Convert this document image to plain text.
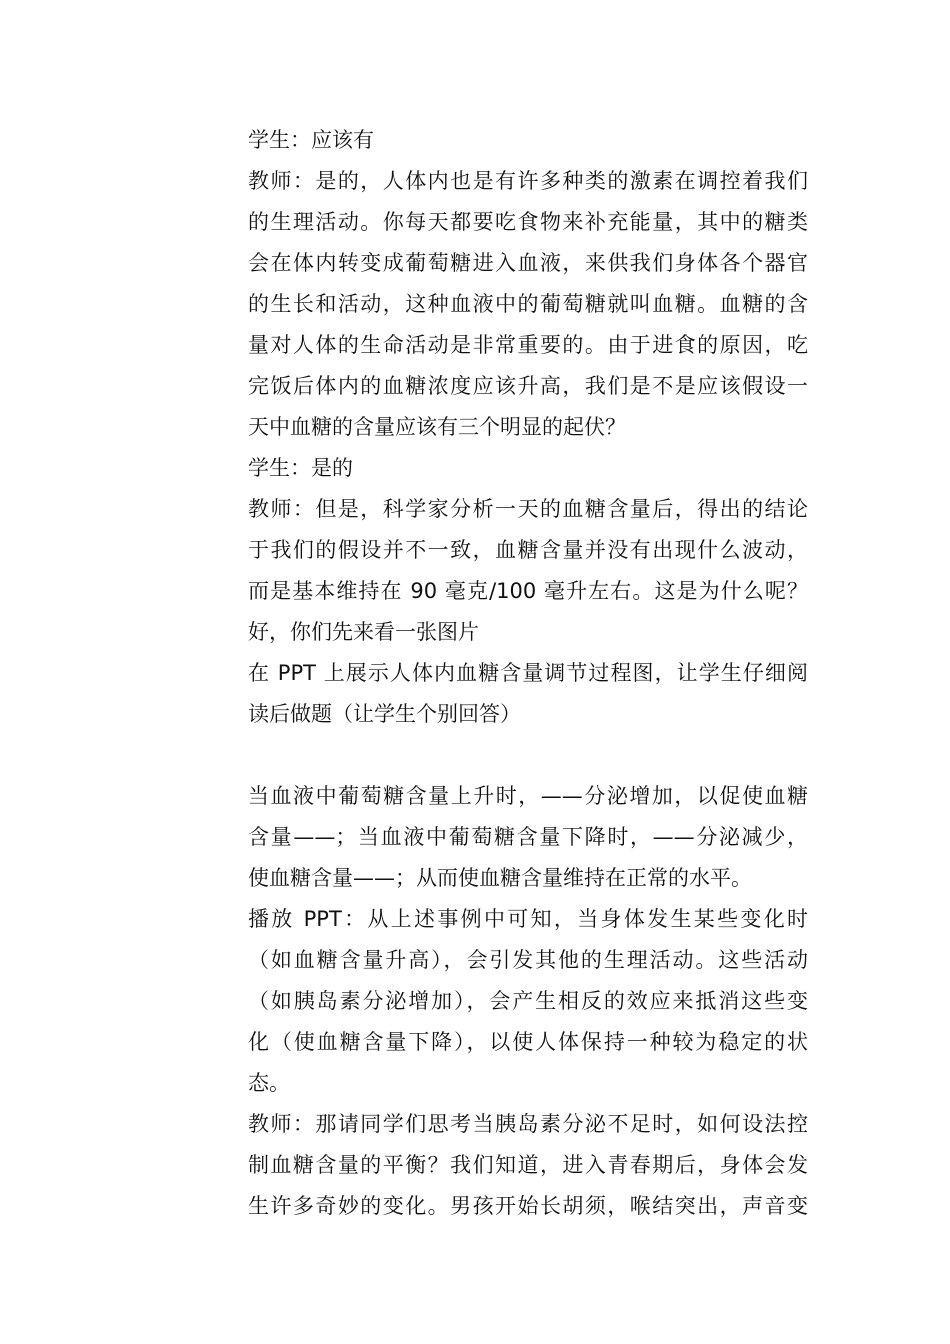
学生：应该有
教师：是的，人体内也是有许多种类的激素在调控着我们
的生理活动。你每天都要吃食物来补充能量，其中的糖类
会在体内转变成葡萄糖进入血液，来供我们身体各个器官
的生长和活动，这种血液中的葡萄糖就叫血糖。血糖的含
量对人体的生命活动是非常重要的。由于进食的原因，吃
完饭后体内的血糖浓度应该升高，我们是不是应该假设一
天中血糖的含量应该有三个明显的起伏？
学生：是的
教师：但是，科学家分析一天的血糖含量后，得出的结论
于我们的假设并不一致，血糖含量并没有出现什么波动，
而是基本维持在 90 毫克/100 毫升左右。这是为什么呢？
好，你们先来看一张图片
在 PPT 上展示人体内血糖含量调节过程图，让学生仔细阅
读后做题（让学生个别回答）
当血液中葡萄糖含量上升时，——分泌增加，以促使血糖
含量——；当血液中葡萄糖含量下降时，——分泌减少，
使血糖含量——；从而使血糖含量维持在正常的水平。
播放 PPT：从上述事例中可知，当身体发生某些变化时
（如血糖含量升高），会引发其他的生理活动。这些活动
（如胰岛素分泌增加），会产生相反的效应来抵消这些变
化（使血糖含量下降），以使人体保持一种较为稳定的状
态。
教师：那请同学们思考当胰岛素分泌不足时，如何设法控
制血糖含量的平衡？我们知道，进入青春期后，身体会发
生许多奇妙的变化。男孩开始长胡须，喉结突出，声音变
